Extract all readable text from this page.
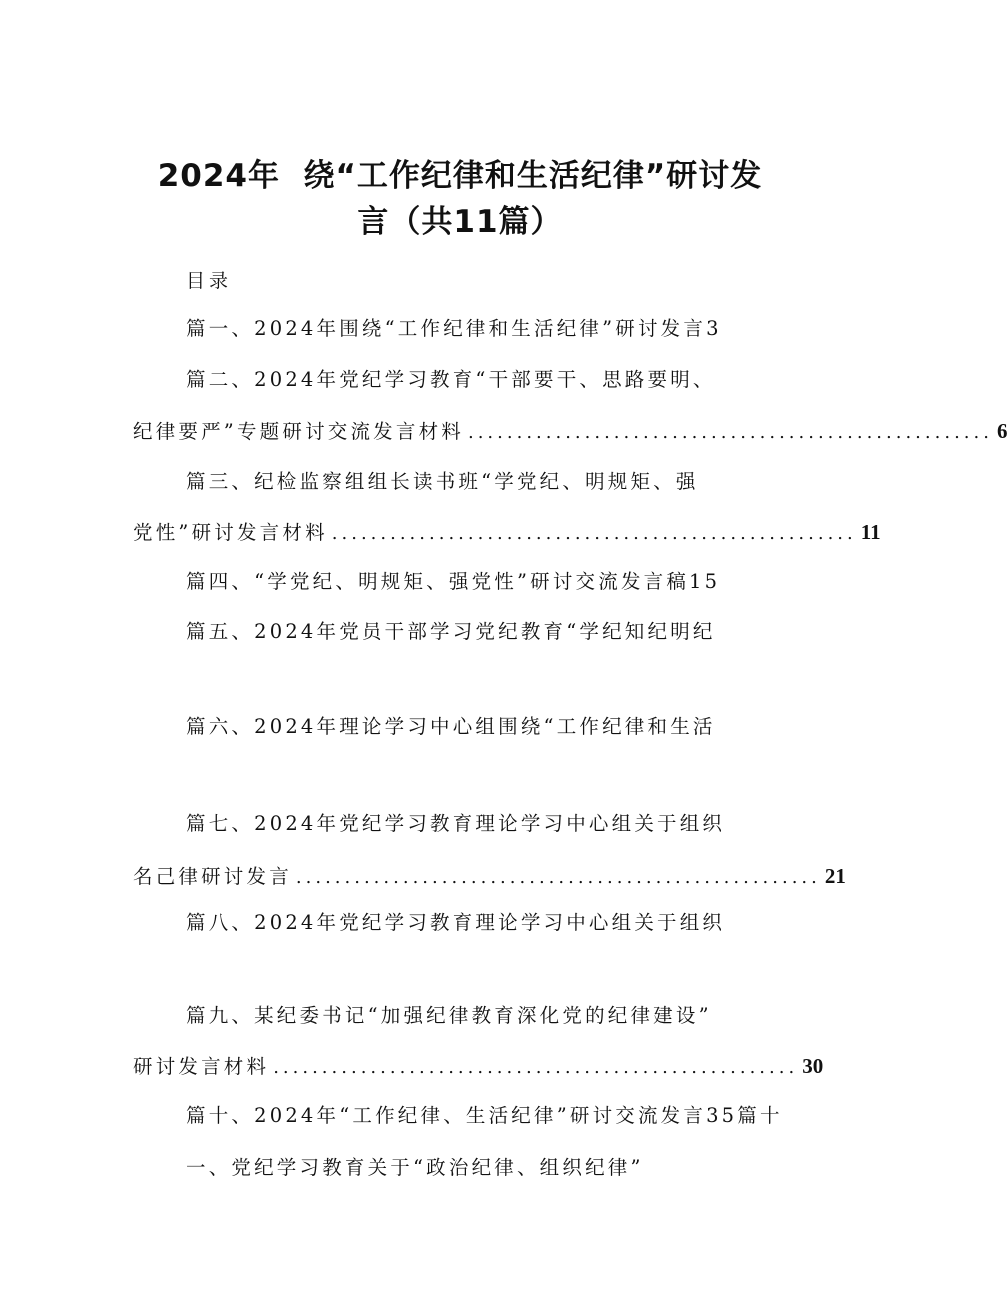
2024年  绕“工作纪律和生活纪律”研讨发
言（共11篇）
目录
篇一、2024年围绕“工作纪律和生活纪律”研讨发言3
篇二、2024年党纪学习教育“干部要干、思路要明、
纪律要严”专题研讨交流发言材料 ...................................................... 6
篇三、纪检监察组组长读书班“学党纪、明规矩、强
党性”研讨发言材料 ...................................................... 11
篇四、“学党纪、明规矩、强党性”研讨交流发言稿15
篇五、2024年党员干部学习党纪教育“学纪知纪明纪
篇六、2024年理论学习中心组围绕“工作纪律和生活
篇七、2024年党纪学习教育理论学习中心组关于组织
名己律研讨发言 ...................................................... 21
篇八、2024年党纪学习教育理论学习中心组关于组织
篇九、某纪委书记“加强纪律教育深化党的纪律建设”
研讨发言材料 ...................................................... 30
篇十、2024年“工作纪律、生活纪律”研讨交流发言35篇十
一、党纪学习教育关于“政治纪律、组织纪律”
